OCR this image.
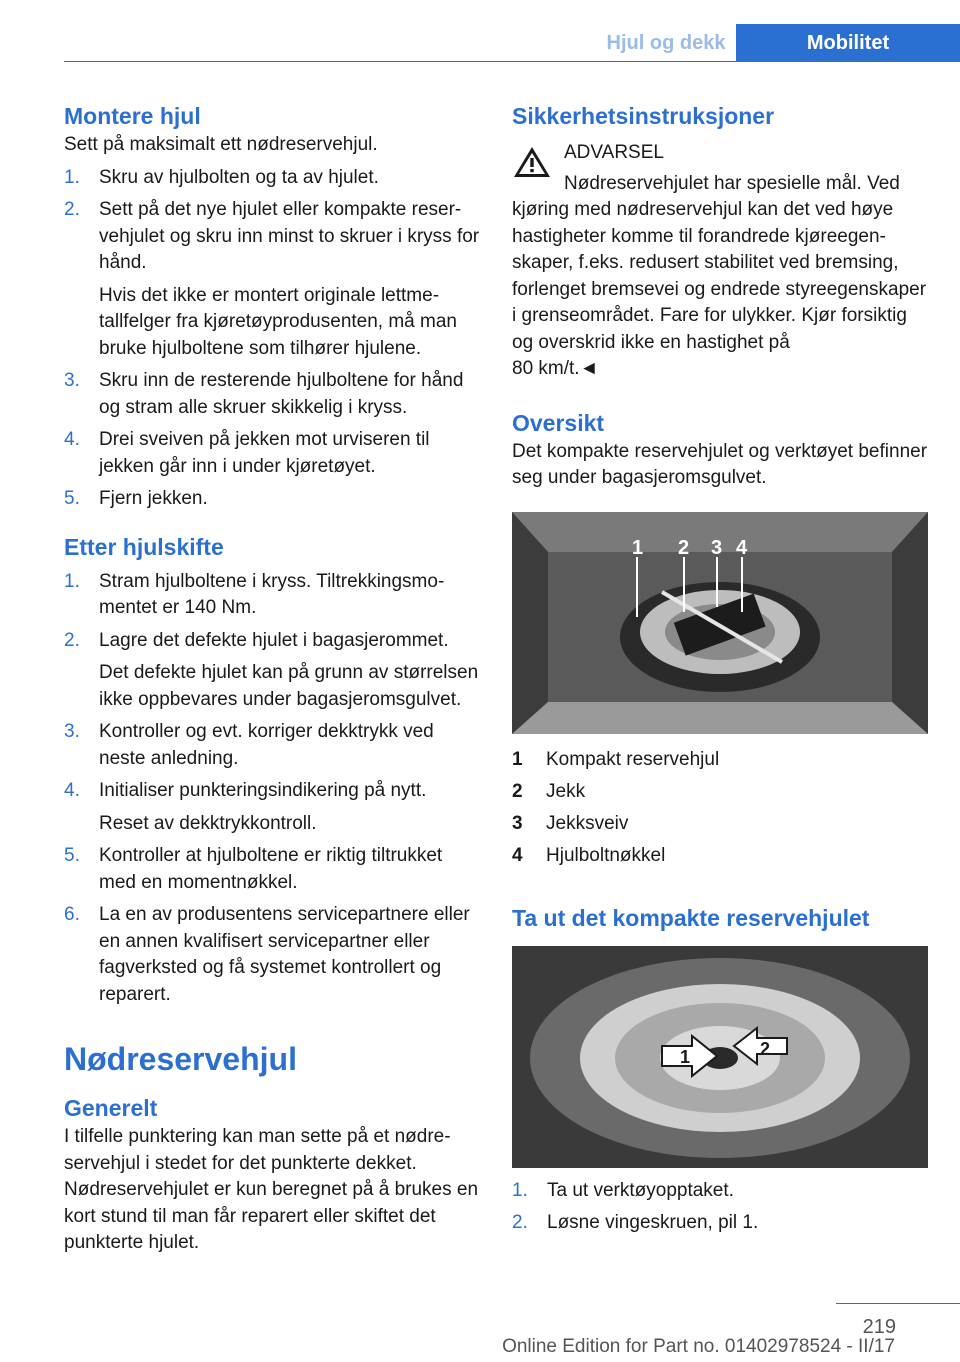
Hjul og dekk	Mobilitet
Montere hjul

Sett på maksimalt ett nødreservehjul.

1. Skru av hjulbolten og ta av hjulet.
2. Sett på det nye hjulet eller kompakte reservehjulet og skru inn minst to skruer i kryss for hånd.
Hvis det ikke er montert originale lettmetallfelger fra kjøretøyprodusenten, må man bruke hjulboltene som tilhører hjulene.
3. Skru inn de resterende hjulboltene for hånd og stram alle skruer skikkelig i kryss.
4. Drei sveiven på jekken mot urviseren til jekken går inn i under kjøretøyet.
5. Fjern jekken.
Etter hjulskifte
1. Stram hjulboltene i kryss. Tiltrekkingsmomentet er 140 Nm.
2. Lagre det defekte hjulet i bagasjerommet.
Det defekte hjulet kan på grunn av størrelsen ikke oppbevares under bagasjeromsgulvet.
3. Kontroller og evt. korriger dekktrykk ved neste anledning.
4. Initialiser punkteringsindikering på nytt.
Reset av dekktrykkontroll.
5. Kontroller at hjulboltene er riktig tiltrukket med en momentnøkkel.
6. La en av produsentens servicepartnere eller en annen kvalifisert servicepartner eller fagverksted og få systemet kontrollert og reparert.
Nødreservehjul
Generelt

I tilfelle punktering kan man sette på et nødreservehjul i stedet for det punkterte dekket.

Nødreservehjulet er kun beregnet på å brukes en kort stund til man får reparert eller skiftet det punkterte hjulet.

Sikkerhetsinstruksjoner

ADVARSEL

Nødreservehjulet har spesielle mål. Ved kjøring med nødreservehjul kan det ved høye hastigheter komme til forandrede kjøreegenskaper, f.eks. redusert stabilitet ved bremsing, forlenget bremsevei og endrede styreegenskaper i grenseområdet. Fare for ulykker. Kjør forsiktig og overskrid ikke en hastighet på

80 km/t.◄

Oversikt

Det kompakte reservehjulet og verktøyet befinner seg under bagasjeromsgulvet.

1 2 3 4
1 Kompakt reservehjul
2 Jekk
3 Jekksveiv
4 Hjulboltnøkkel
Ta ut det kompakte reservehjulet
1	2
1. Ta ut verktøyopptaket.
2. Løsne vingeskruen, pil 1.
219
Online Edition for Part no. 01402978524 - II/17
